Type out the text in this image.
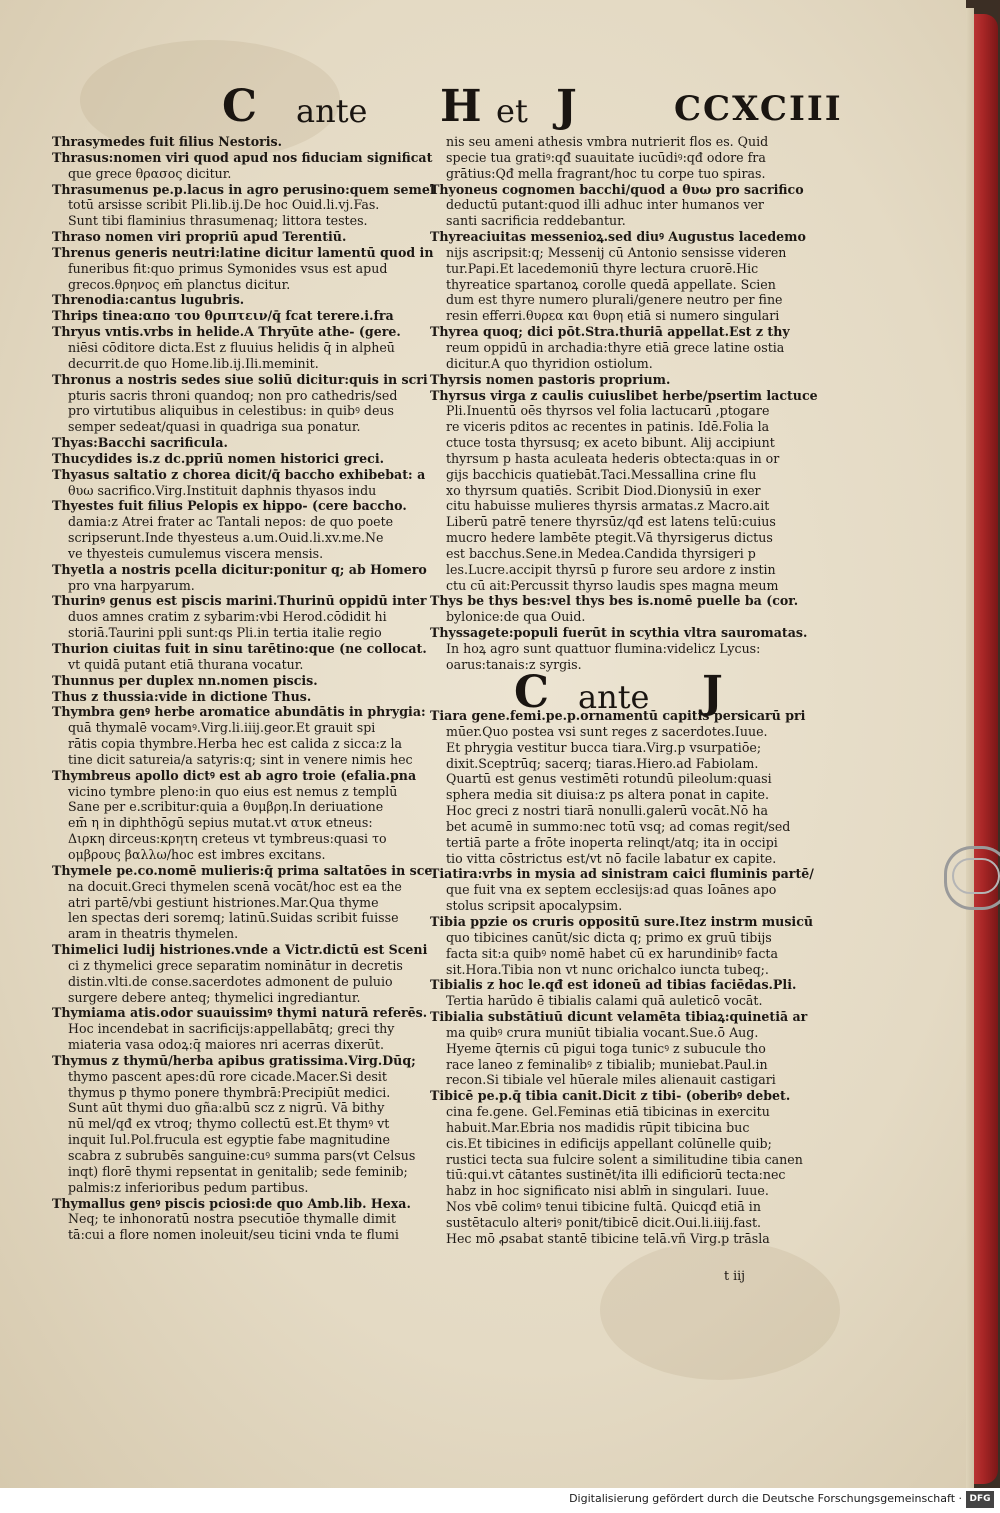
C ante H et J	CCXCIII
Thrasymedes fuit filius Nestoris.
Thrasus:nomen viri quod apud nos fiduciam significat
que grece θρασος dicitur.
Thrasumenus pe.p.lacus in agro perusino:quem semel
totū arsisse scribit Pli.lib.ij.De hoc Ouid.li.vj.Fas.
Sunt tibi flaminius thrasumenaq; littora testes.
Thraso nomen viri propriū apud Terentiū.
Threnus generis neutri:latine dicitur lamentū quod in
funeribus fit:quo primus Symonides vsus est apud
grecos.θρηνος em̄ planctus dicitur.
Threnodia:cantus lugubris.
Thrips tinea:απο του θριπτειν/q̄ fcat terere.i.fra
Thryus vntis.vrbs in helide.A Thryūte athe- (gere.
niēsi cōditore dicta.Est z fluuius helidis q̄ in alpheū
decurrit.de quo Home.lib.ij.Ili.meminit.
Thronus a nostris sedes siue soliū dicitur:quis in scri
pturis sacris throni quandoq; non pro cathedris/sed
pro virtutibus aliquibus in celestibus: in quibꝰ deus
semper sedeat/quasi in quadriga sua ponatur.
Thyas:Bacchi sacrificula.
Thucydides is.z dc.ppriū nomen historici greci.
Thyasus saltatio z chorea dicit/q̄ baccho exhibebat: a
θυω sacrifico.Virg.Instituit daphnis thyasos indu
Thyestes fuit filius Pelopis ex hippo- (cere baccho.
damia:z Atrei frater ac Tantali nepos: de quo poete
scripserunt.Inde thyesteus a.um.Ouid.li.xv.me.Ne
ve thyesteis cumulemus viscera mensis.
Thyetla a nostris pcella dicitur:ponitur q; ab Homero
pro vna harpyarum.
Thurinꝰ genus est piscis marini.Thurinū oppidū inter
duos amnes cratim z sybarim:vbi Herod.cōdidit hi
storiā.Taurini ppli sunt:qs Pli.in tertia italie regio
Thurion ciuitas fuit in sinu tarētino:que (ne collocat.
vt quidā putant etiā thurana vocatur.
Thunnus per duplex nn.nomen piscis.
Thus z thussia:vide in dictione Thus.
Thymbra genꝰ herbe aromatice abundātis in phrygia:
quā thymalē vocamꝰ.Virg.li.iiij.geor.Et grauit spi
rātis copia thymbre.Herba hec est calida z sicca:z la
tine dicit satureia/a satyris:q; sint in venere nimis hec
Thymbreus apollo dictꝰ est ab agro troie (efalia.pna
vicino tymbre pleno:in quo eius est nemus z templū
Sane per e.scribitur:quia a θυμβρη.In deriuatione
em̄ η in diphthōgū sepius mutat.vt ατυκ etneus:
Διρκη dirceus:κρητη creteus vt tymbreus:quasi το
ομβρους βαλλω/hoc est imbres excitans.
Thymele pe.co.nomē mulieris:q̄ prima saltatōes in sce
na docuit.Greci thymelen scenā vocāt/hoc est ea the
atri partē/vbi gestiunt histriones.Mar.Qua thyme
len spectas deri soremq; latinū.Suidas scribit fuisse
aram in theatris thymelen.
Thimelici ludij histriones.vnde a Victr.dictū est Sceni
ci z thymelici grece separatim nominātur in decretis
distin.vlti.de conse.sacerdotes admonent de puluio
surgere debere anteq; thymelici ingrediantur.
Thymiama atis.odor suauissimꝰ thymi naturā referēs.
Hoc incendebat in sacrificijs:appellabātq; greci thy
miateria vasa odoꝝ:q̄ maiores nri acerras dixerūt.
Thymus z thymū/herba apibus gratissima.Virg.Dūq;
thymo pascent apes:dū rore cicade.Macer.Si desit
thymus p thymo ponere thymbrā:Precipiūt medici.
Sunt aūt thymi duo gña:albū scz z nigrū. Vā bithy
nū mel/qđ ex vtroq; thymo collectū est.Et thymꝰ vt
inquit Iul.Pol.frucula est egyptie fabe magnitudine
scabra z subrubēs sanguine:cuꝰ summa pars(vt Celsus
inqt) florē thymi repsentat in genitalib; sede feminib;
palmis:z inferioribus pedum partibus.
Thymallus genꝰ piscis pciosi:de quo Amb.lib. Hexa.
Neq; te inhonoratū nostra psecutiōe thymalle dimit
tā:cui a flore nomen inoleuit/seu ticini vnda te flumi
nis seu ameni athesis vmbra nutrierit flos es. Quid
specie tua gratiꝰ:qđ suauitate iucūdiꝰ:qđ odore fra
grātius:Qđ mella fragrant/hoc tu corpe tuo spiras.
Thyoneus cognomen bacchi/quod a θυω pro sacrifico
deductū putant:quod illi adhuc inter humanos ver
santi sacrificia reddebantur.
Thyreaciuitas messenioꝝ.sed diuꝰ Augustus lacedemo
nijs ascripsit:q; Messenij cū Antonio sensisse videren
tur.Papi.Et lacedemoniū thyre lectura cruorē.Hic
thyreatice spartanoꝝ corolle quedā appellate. Scien
dum est thyre numero plurali/genere neutro per fine
resin efferri.θυρεα και θυρη etiā si numero singulari
Thyrea quoq; dici pōt.Stra.thuriā appellat.Est z thy
reum oppidū in archadia:thyre etiā grece latine ostia
dicitur.A quo thyridion ostiolum.
Thyrsis nomen pastoris proprium.
Thyrsus virga z caulis cuiuslibet herbe/psertim lactuce
Pli.Inuentū oēs thyrsos vel folia lactucarū ,ptogare
re viceris pditos ac recentes in patinis. Idē.Folia la
ctuce tosta thyrsusq; ex aceto bibunt. Alij accipiunt
thyrsum p hasta aculeata hederis obtecta:quas in or
gijs bacchicis quatiebāt.Taci.Messallina crine flu
xo thyrsum quatiēs. Scribit Diod.Dionysiū in exer
citu habuisse mulieres thyrsis armatas.z Macro.ait
Liberū patrē tenere thyrsūz/qđ est latens telū:cuius
mucro hedere lambēte ptegit.Vā thyrsigerus dictus
est bacchus.Sene.in Medea.Candida thyrsigeri p
les.Lucre.accipit thyrsū p furore seu ardore z instin
ctu cū ait:Percussit thyrso laudis spes magna meum
Thys be thys bes:vel thys bes is.nomē puelle ba (cor.
bylonice:de qua Ouid.
Thyssagete:populi fuerūt in scythia vltra sauromatas.
In hoꝝ agro sunt quattuor flumina:videlicz Lycus:
oarus:tanais:z syrgis.
C ante J
Tiara gene.femi.pe.p.ornamentū capitis persicarū pri
mūer.Quo postea vsi sunt reges z sacerdotes.Iuue.
Et phrygia vestitur bucca tiara.Virg.p vsurpatiōe;
dixit.Sceptrūq; sacerq; tiaras.Hiero.ad Fabiolam.
Quartū est genus vestimēti rotundū pileolum:quasi
sphera media sit diuisa:z ps altera ponat in capite.
Hoc greci z nostri tiarā nonulli.galerū vocāt.Nō ha
bet acumē in summo:nec totū vsq; ad comas regit/sed
tertiā parte a frōte inoperta relinqt/atq; ita in occipi
tio vitta cōstrictus est/vt nō facile labatur ex capite.
Tiatira:vrbs in mysia ad sinistram caici fluminis partē/
que fuit vna ex septem ecclesijs:ad quas Ioānes apo
stolus scripsit apocalypsim.
Tibia ppzie os cruris oppositū sure.Itez instrm musicū
quo tibicines canūt/sic dicta q; primo ex gruū tibijs
facta sit:a quibꝰ nomē habet cū ex harundinibꝰ facta
sit.Hora.Tibia non vt nunc orichalco iuncta tubeq;.
Tibialis z hoc le.qđ est idoneū ad tibias faciēdas.Pli.
Tertia harūdo ē tibialis calami quā auleticō vocāt.
Tibialia substātiuū dicunt velamēta tibiaꝝ:quinetiā ar
ma quibꝰ crura muniūt tibialia vocant.Sue.ō Aug.
Hyeme q̄ternis cū pigui toga tunicꝰ z subucule tho
race laneo z feminalibꝰ z tibialib; muniebat.Paul.in
recon.Si tibiale vel hūerale miles alienauit castigari
Tibicē pe.p.q̄ tibia canit.Dicit z tibi- (oberibꝰ debet.
cina fe.gene. Gel.Feminas etiā tibicinas in exercitu
habuit.Mar.Ebria nos madidis rūpit tibicina buc
cis.Et tibicines in edificijs appellant colūnelle quib;
rustici tecta sua fulcire solent a similitudine tibia canen
tiū:qui.vt cātantes sustinēt/ita illi edificiorū tecta:nec
habz in hoc significato nisi ablm̄ in singulari. Iuue.
Nos vbē colimꝰ tenui tibicine fultā. Quicqđ etiā in
sustētaculo alteriꝰ ponit/tibicē dicit.Oui.li.iiij.fast.
Hec mō ꝓsabat stantē tibicine telā.vñ Virg.p trāsla
t iij
Digitalisierung gefördert durch die Deutsche Forschungsgemeinschaft · DFG
